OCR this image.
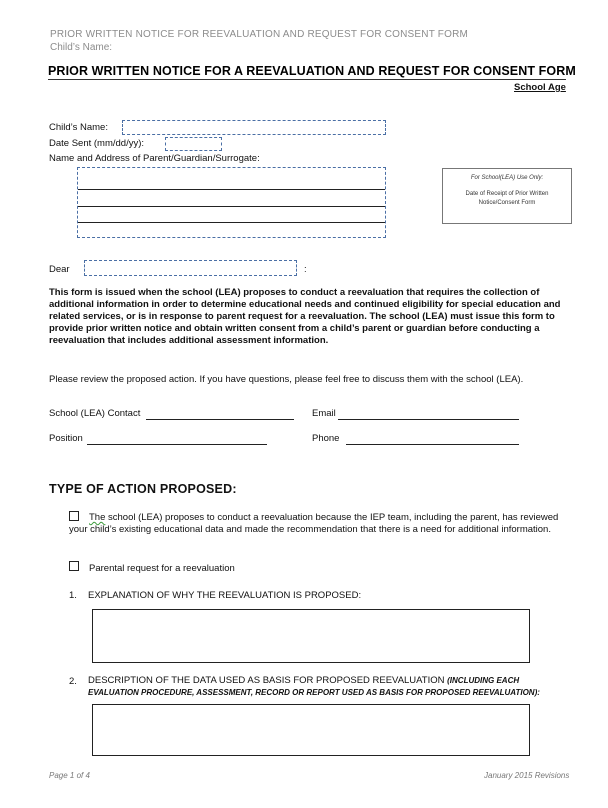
PRIOR WRITTEN NOTICE FOR REEVALUATION AND REQUEST FOR CONSENT FORM
Child’s Name:
PRIOR WRITTEN NOTICE FOR A REEVALUATION AND REQUEST FOR CONSENT FORM
School Age
Child’s Name:
Date Sent (mm/dd/yy):
Name and Address of Parent/Guardian/Surrogate:
For School(LEA) Use Only:
Date of Receipt of Prior Written Notice/Consent Form
Dear	:
This form is issued when the school (LEA) proposes to conduct a reevaluation that requires the collection of additional information in order to determine educational needs and continued eligibility for special education and related services, or is in response to parent request for a reevaluation. The school (LEA) must issue this form to provide prior written notice and obtain written consent from a child’s parent or guardian before conducting a reevaluation that includes additional assessment information.
Please review the proposed action. If you have questions, please feel free to discuss them with the school (LEA).
School (LEA) Contact	Email
Position	Phone
TYPE OF ACTION PROPOSED:
The school (LEA) proposes to conduct a reevaluation because the IEP team, including the parent, has reviewed your child’s existing educational data and made the recommendation that there is a need for additional information.
Parental request for a reevaluation
1. EXPLANATION OF WHY THE REEVALUATION IS PROPOSED:
2. DESCRIPTION OF THE DATA USED AS BASIS FOR PROPOSED REEVALUATION (INCLUDING EACH EVALUATION PROCEDURE, ASSESSMENT, RECORD OR REPORT USED AS BASIS FOR PROPOSED REEVALUATION):
Page 1 of 4	January 2015 Revisions
